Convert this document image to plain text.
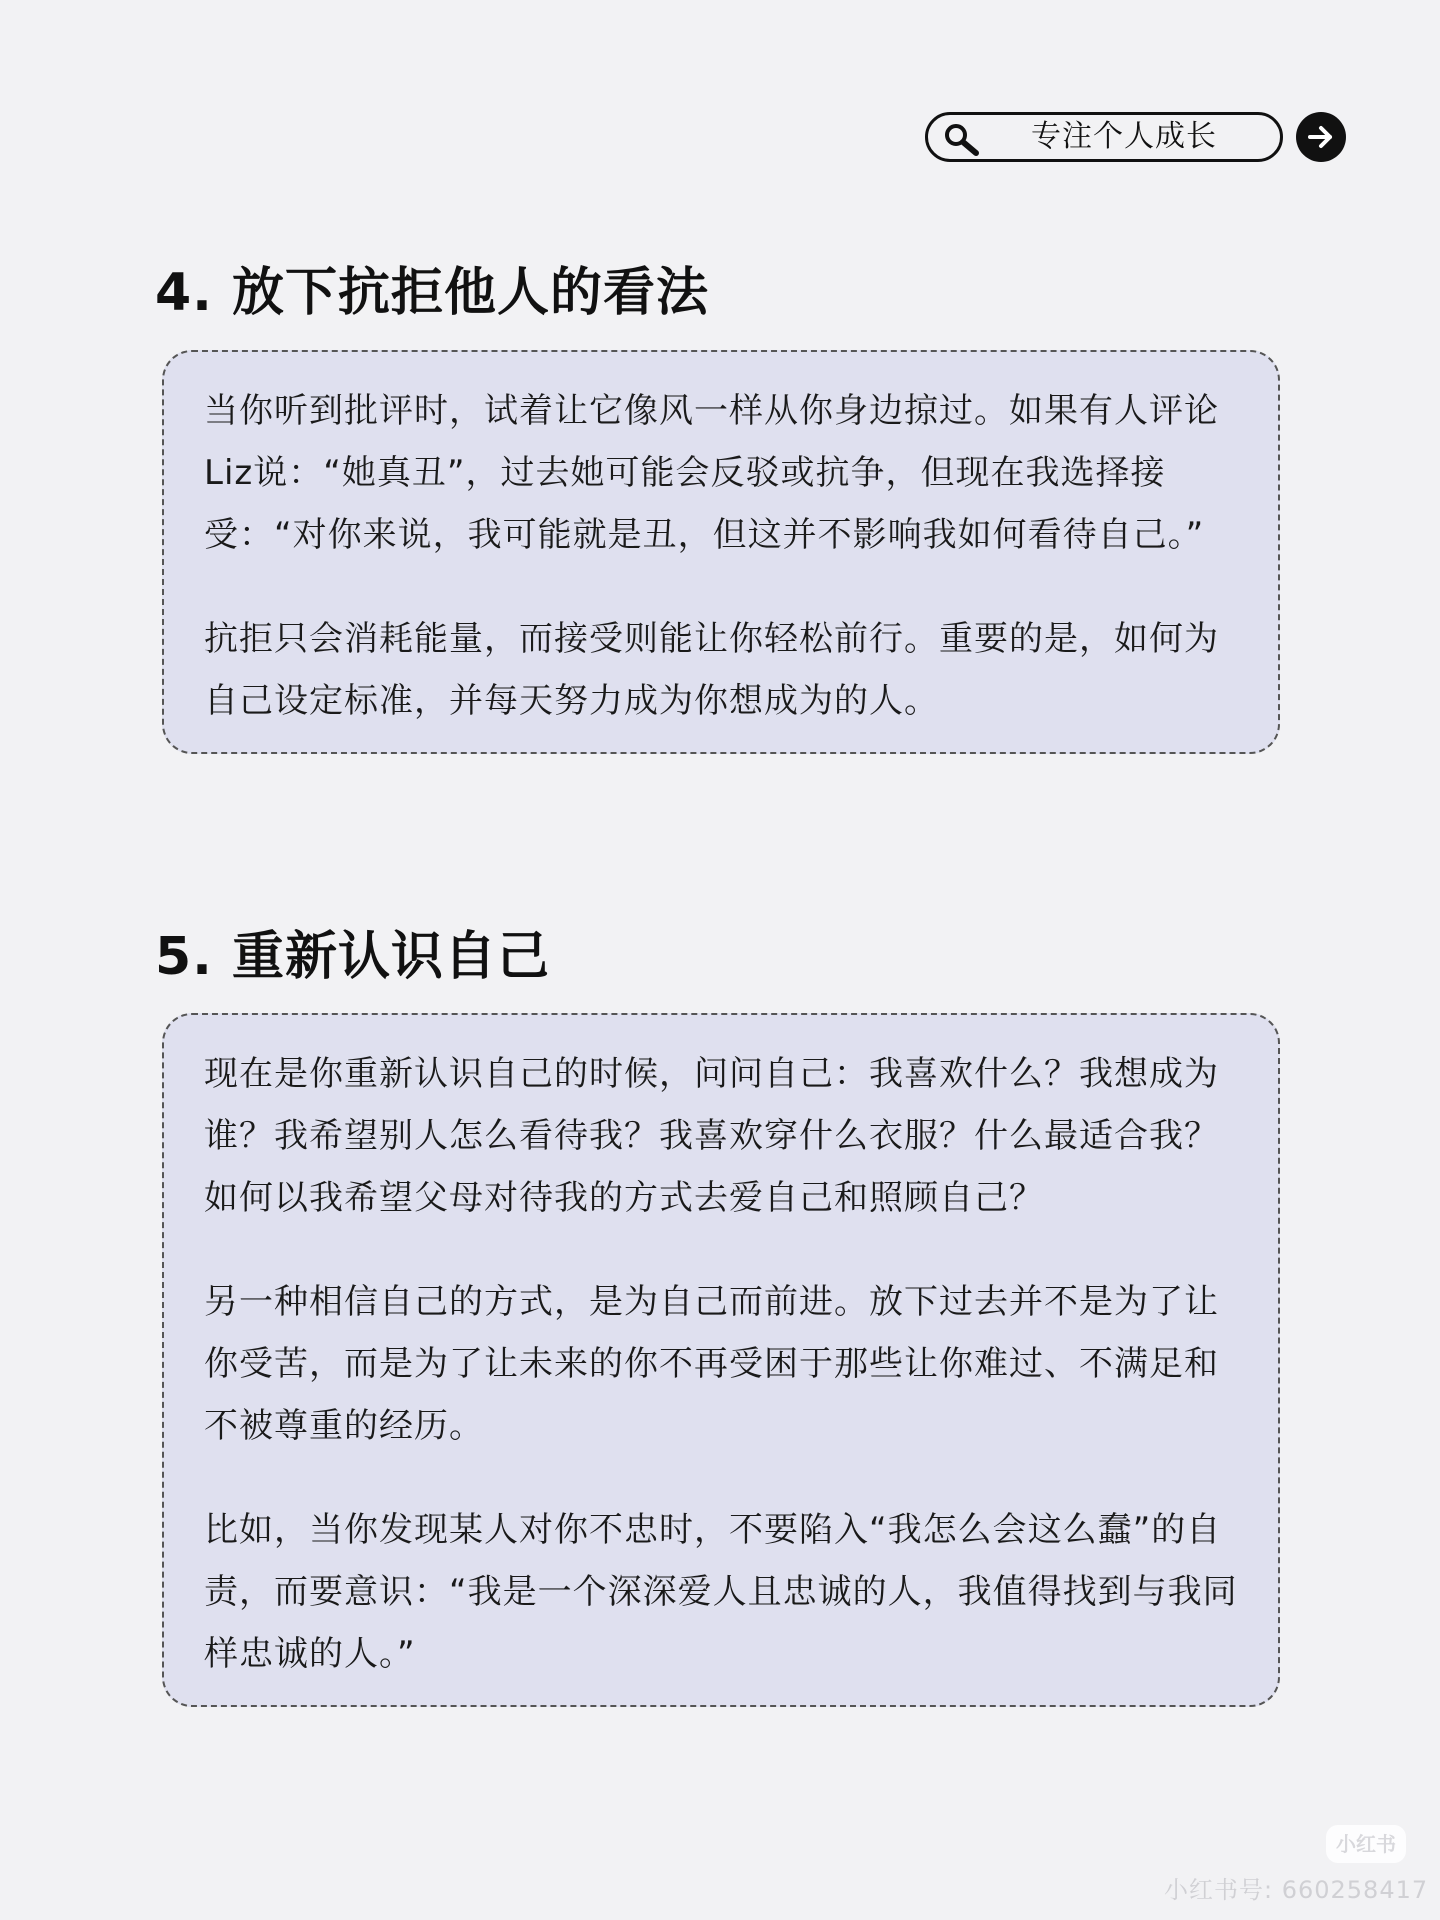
专注个人成长
4. 放下抗拒他人的看法

当你听到批评时，试着让它像风一样从你身边掠过。如果有人评论Liz说：“她真丑”，过去她可能会反驳或抗争，但现在我选择接受：“对你来说，我可能就是丑，但这并不影响我如何看待自己。”

抗拒只会消耗能量，而接受则能让你轻松前行。重要的是，如何为自己设定标准，并每天努力成为你想成为的人。

5. 重新认识自己

现在是你重新认识自己的时候，问问自己：我喜欢什么？我想成为谁？我希望别人怎么看待我？我喜欢穿什么衣服？什么最适合我？如何以我希望父母对待我的方式去爱自己和照顾自己？

另一种相信自己的方式，是为自己而前进。放下过去并不是为了让你受苦，而是为了让未来的你不再受困于那些让你难过、不满足和不被尊重的经历。

比如，当你发现某人对你不忠时，不要陷入“我怎么会这么蠢”的自责，而要意识：“我是一个深深爱人且忠诚的人，我值得找到与我同样忠诚的人。”

小红书
小红书号: 660258417
